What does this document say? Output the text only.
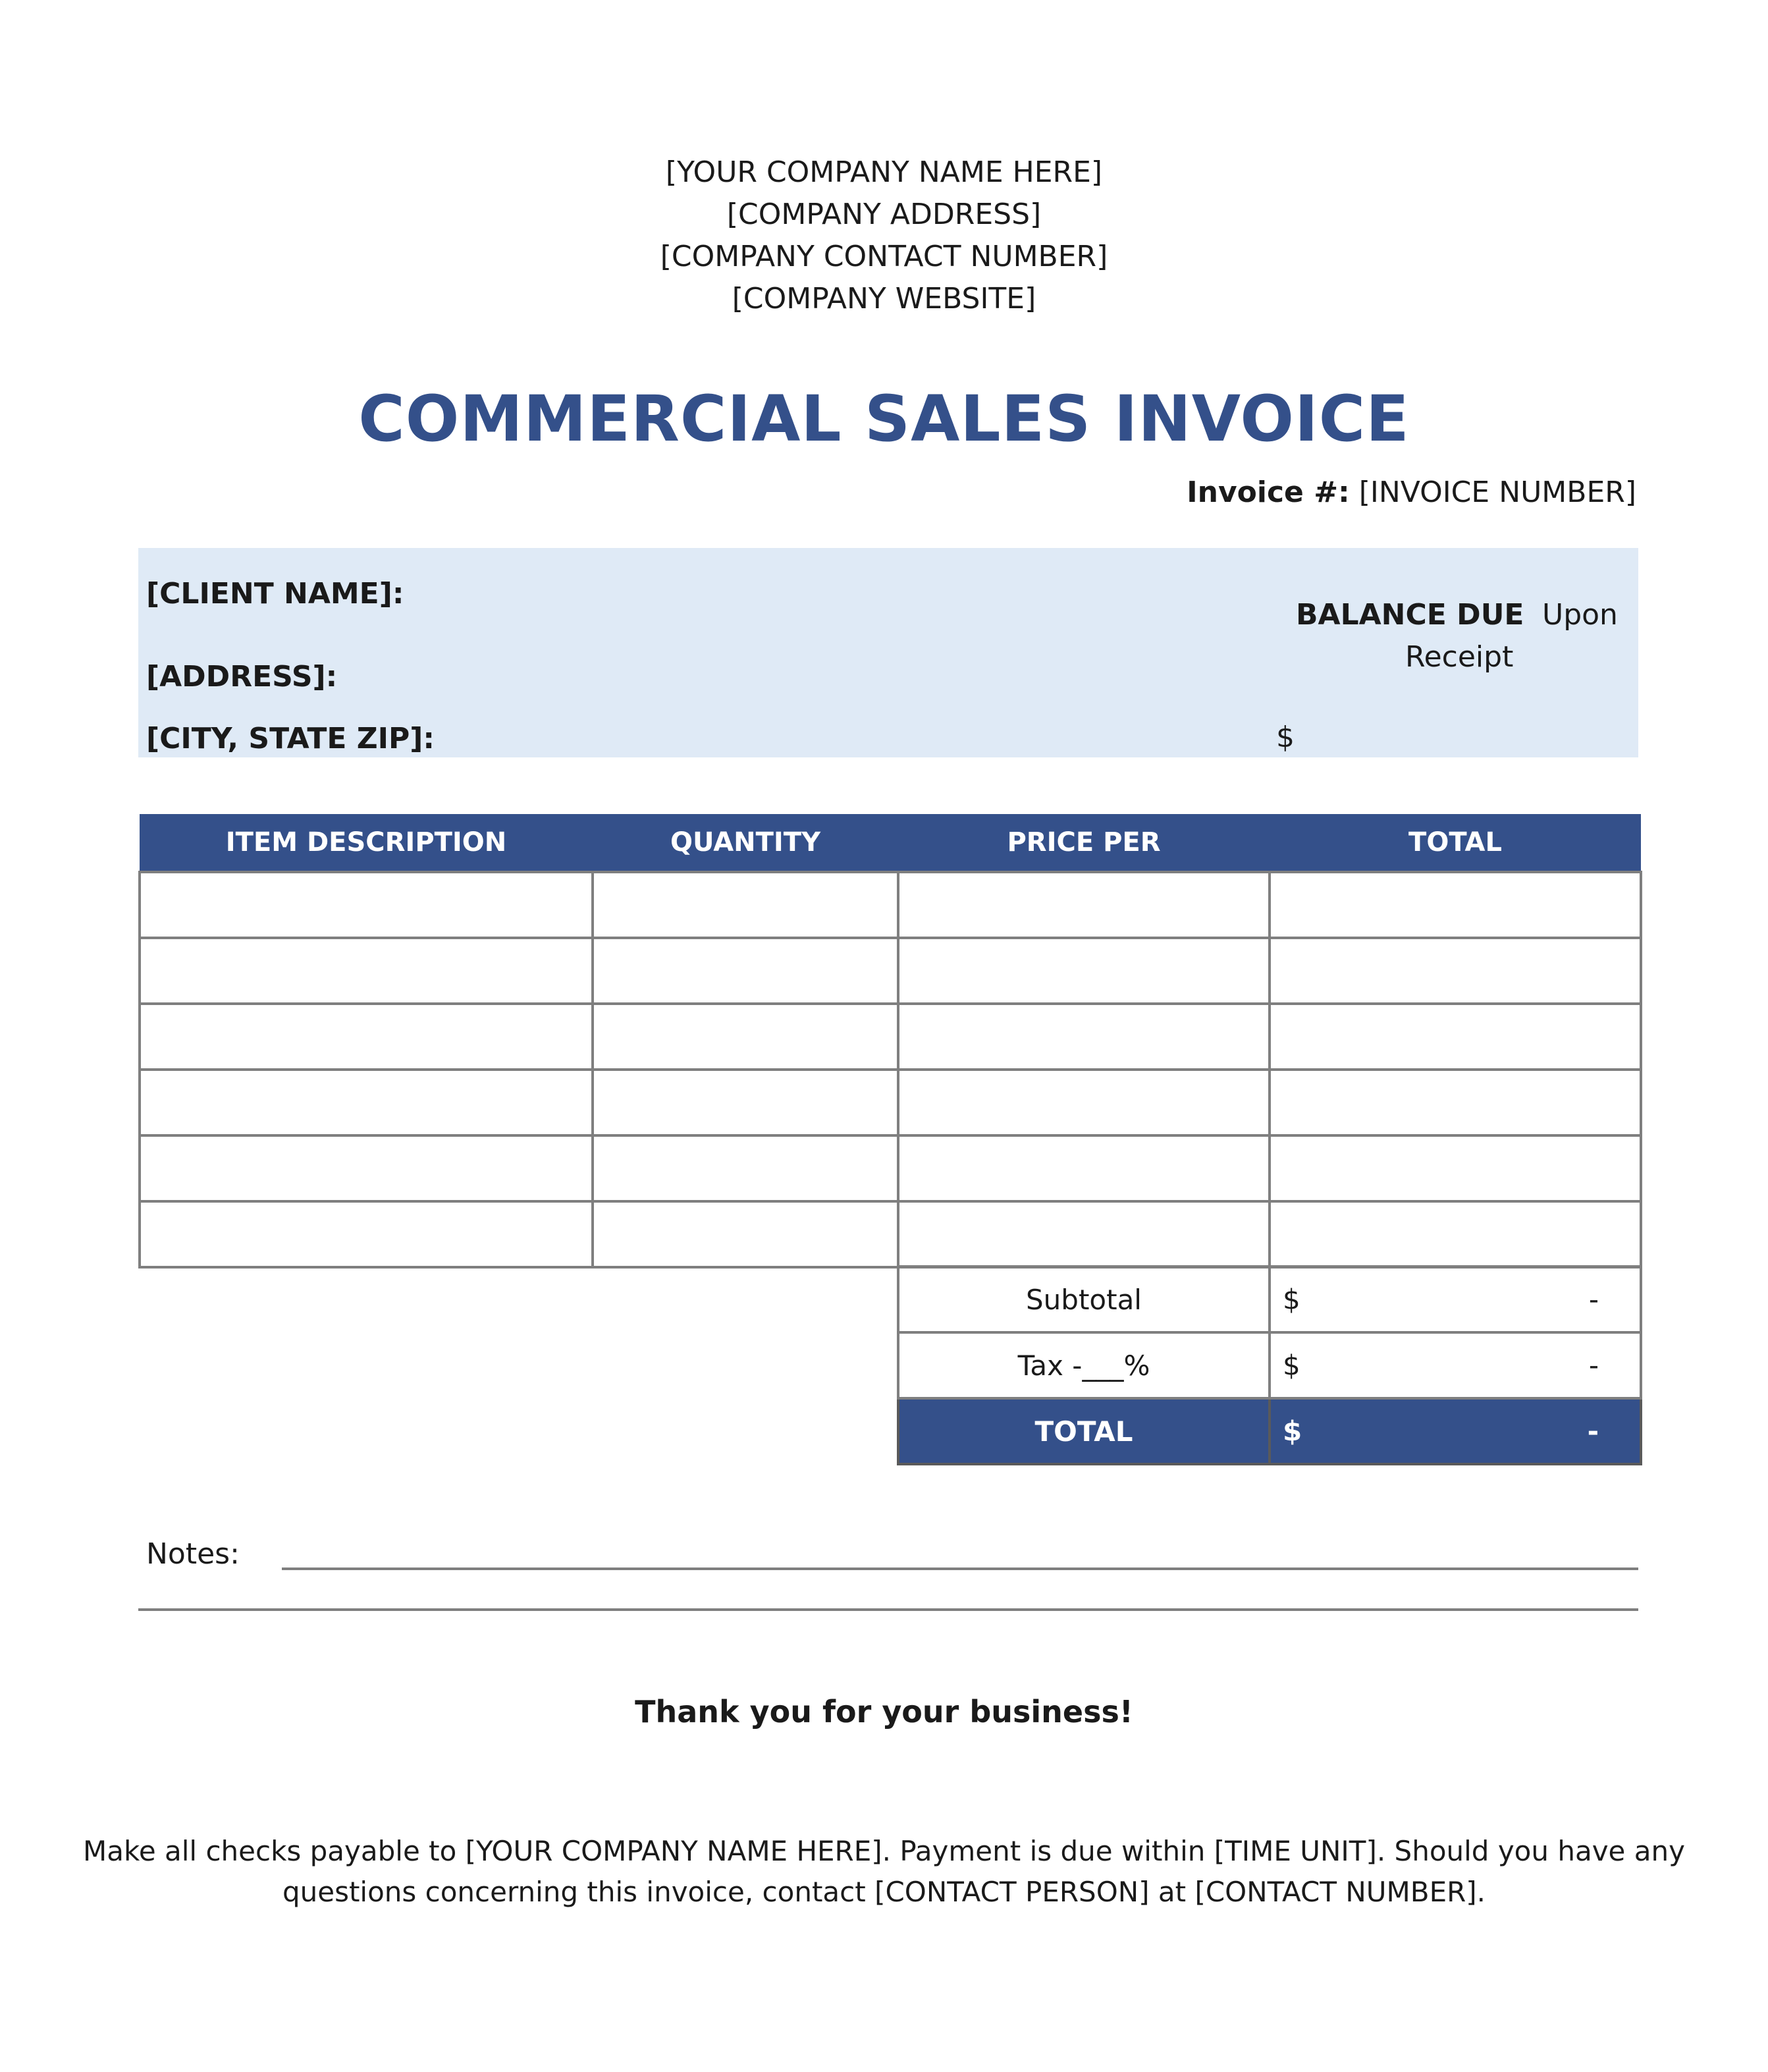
[YOUR COMPANY NAME HERE]
[COMPANY ADDRESS]
[COMPANY CONTACT NUMBER]
[COMPANY WEBSITE]
COMMERCIAL SALES INVOICE
Invoice #: [INVOICE NUMBER]
[CLIENT NAME]:
[ADDRESS]:
[CITY, STATE ZIP]:
BALANCE DUE Upon
Receipt
$
ITEM DESCRIPTION	QUANTITY	PRICE PER	TOTAL

Subtotal	$ -

Tax -___%	$ -

TOTAL	$ -
Notes:
Thank you for your business!
Make all checks payable to [YOUR COMPANY NAME HERE]. Payment is due within [TIME UNIT]. Should you have any
questions concerning this invoice, contact [CONTACT PERSON] at [CONTACT NUMBER].
